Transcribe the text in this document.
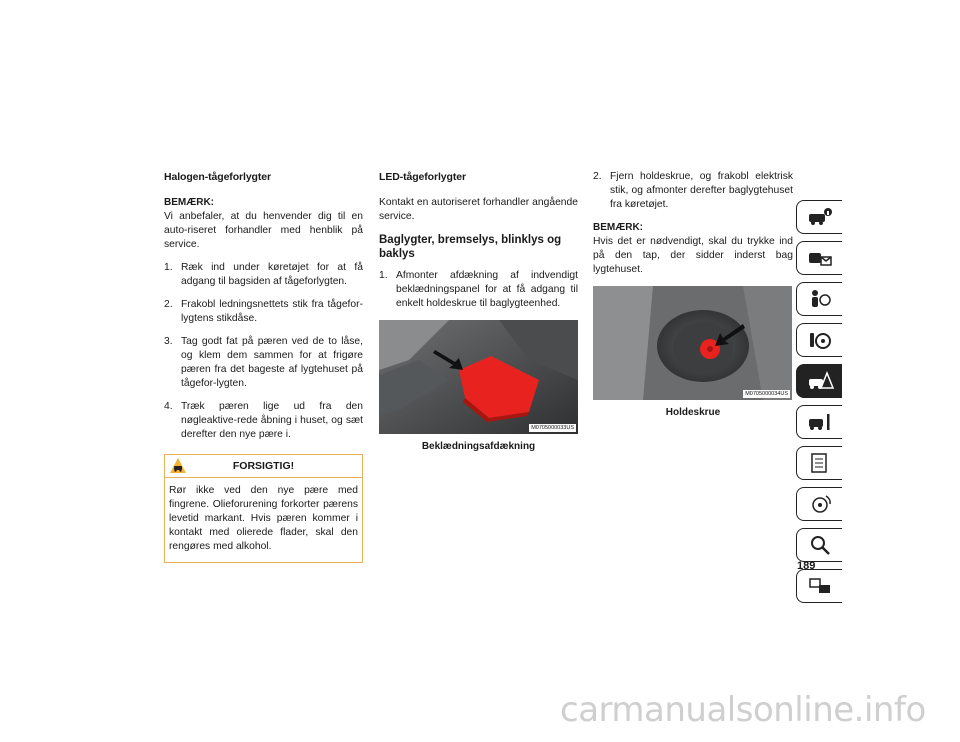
Halogen-tågeforlygter
BEMÆRK:

Vi anbefaler, at du henvender dig til en auto-riseret forhandler med henblik på service.

1. Ræk ind under køretøjet for at få adgang til bagsiden af tågeforlygten.
2. Frakobl ledningsnettets stik fra tågefor-lygtens stikdåse.
3. Tag godt fat på pæren ved de to låse, og klem dem sammen for at frigøre pæren fra det bageste af lygtehuset på tågefor-lygten.
4. Træk pæren lige ud fra den nøgleaktive-rede åbning i huset, og sæt derefter den nye pære i.
FORSIGTIG!
Rør ikke ved den nye pære med fingrene. Olieforurening forkorter pærens levetid markant. Hvis pæren kommer i kontakt med olierede flader, skal den rengøres med alkohol.
LED-tågeforlygter

Kontakt en autoriseret forhandler angående service.

Baglygter, bremselys, blinklys og baklys
1. Afmonter afdækning af indvendigt beklædningspanel for at få adgang til enkelt holdeskrue til baglygteenhed.
M0705000033US
Beklædningsafdækning
2. Fjern holdeskrue, og frakobl elektrisk stik, og afmonter derefter baglygtehuset fra køretøjet.
BEMÆRK:

Hvis det er nødvendigt, skal du trykke ind på den tap, der sidder inderst bag lygtehuset.

M0705000034US
Holdeskrue
189
carmanualsonline.info
